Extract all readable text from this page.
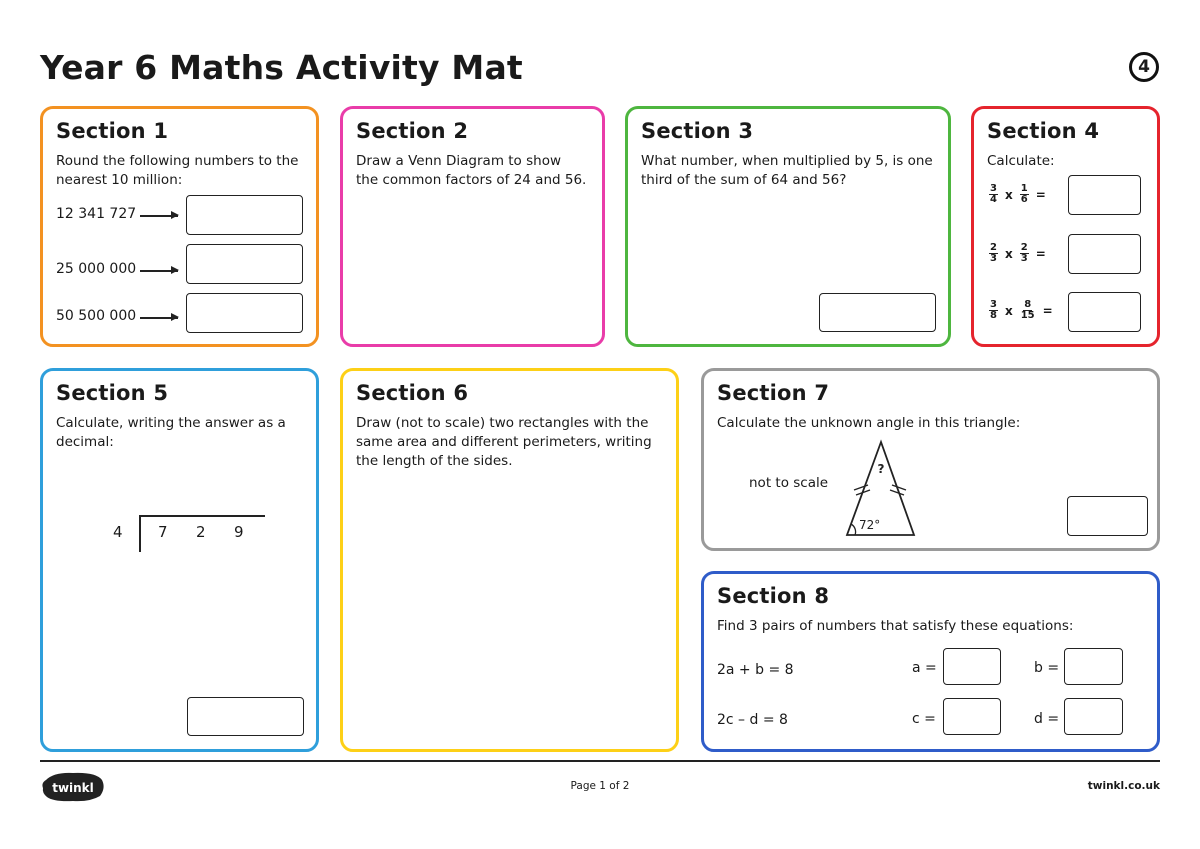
Year 6 Maths Activity Mat	4
Section 1
Round the following numbers to the
nearest 10 million:
12 341 727
25 000 000
50 500 000
Section 2
Draw a Venn Diagram to show
the common factors of 24 and 56.
Section 3
What number, when multiplied by 5, is one
third of the sum of 64 and 56?
Section 4
Calculate:
$\frac{3}{4}$ x $\frac{1}{6}$ =
$\frac{2}{3}$ x $\frac{2}{3}$ =
$\frac{3}{8}$ x $\frac{8}{15}$ =
Section 5
Calculate, writing the answer as a
decimal:
4 7 2 9
Section 6
Draw (not to scale) two rectangles with the
same area and different perimeters, writing
the length of the sides.
Section 7
Calculate the unknown angle in this triangle:
not to scale
?
72°
Section 8
Find 3 pairs of numbers that satisfy these equations:
2a + b = 8	a =	b =
2c – d = 8	c =	d =
twinkl	Page 1 of 2	twinkl.co.uk
